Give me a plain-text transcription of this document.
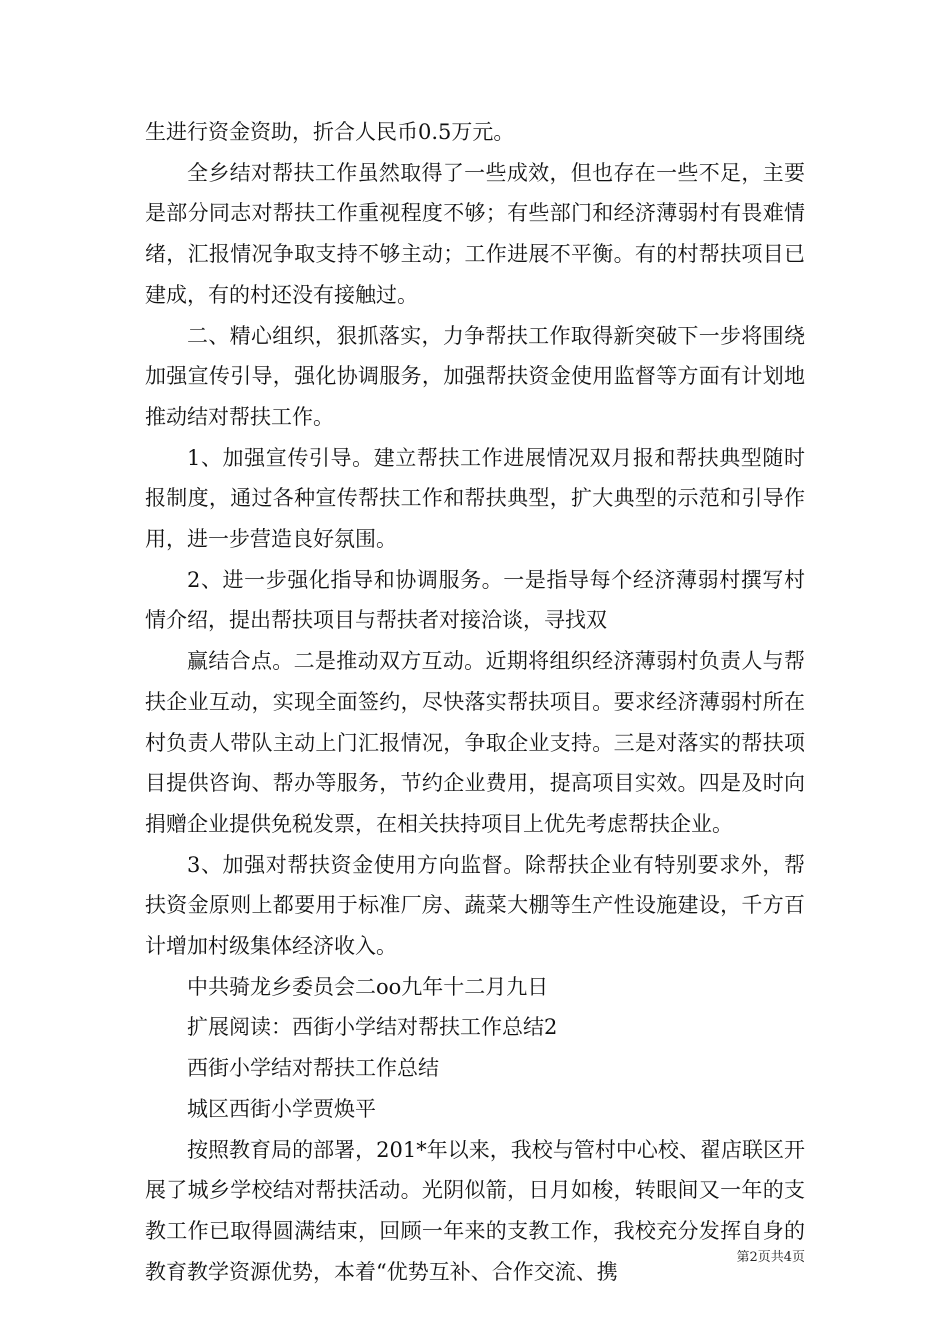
生进行资金资助，折合人民币0.5万元。

全乡结对帮扶工作虽然取得了一些成效，但也存在一些不足，主要是部分同志对帮扶工作重视程度不够；有些部门和经济薄弱村有畏难情绪，汇报情况争取支持不够主动；工作进展不平衡。有的村帮扶项目已建成，有的村还没有接触过。

二、精心组织，狠抓落实，力争帮扶工作取得新突破下一步将围绕加强宣传引导，强化协调服务，加强帮扶资金使用监督等方面有计划地推动结对帮扶工作。

1、加强宣传引导。建立帮扶工作进展情况双月报和帮扶典型随时报制度，通过各种宣传帮扶工作和帮扶典型，扩大典型的示范和引导作用，进一步营造良好氛围。

2、进一步强化指导和协调服务。一是指导每个经济薄弱村撰写村情介绍，提出帮扶项目与帮扶者对接洽谈，寻找双

赢结合点。二是推动双方互动。近期将组织经济薄弱村负责人与帮扶企业互动，实现全面签约，尽快落实帮扶项目。要求经济薄弱村所在村负责人带队主动上门汇报情况，争取企业支持。三是对落实的帮扶项目提供咨询、帮办等服务，节约企业费用，提高项目实效。四是及时向捐赠企业提供免税发票，在相关扶持项目上优先考虑帮扶企业。

3、加强对帮扶资金使用方向监督。除帮扶企业有特别要求外，帮扶资金原则上都要用于标准厂房、蔬菜大棚等生产性设施建设，千方百计增加村级集体经济收入。

中共骑龙乡委员会二oo九年十二月九日

扩展阅读：西街小学结对帮扶工作总结2

西街小学结对帮扶工作总结

城区西街小学贾焕平

按照教育局的部署，201*年以来，我校与管村中心校、翟店联区开展了城乡学校结对帮扶活动。光阴似箭，日月如梭，转眼间又一年的支教工作已取得圆满结束，回顾一年来的支教工作，我校充分发挥自身的教育教学资源优势，本着“优势互补、合作交流、携

第2页共4页
